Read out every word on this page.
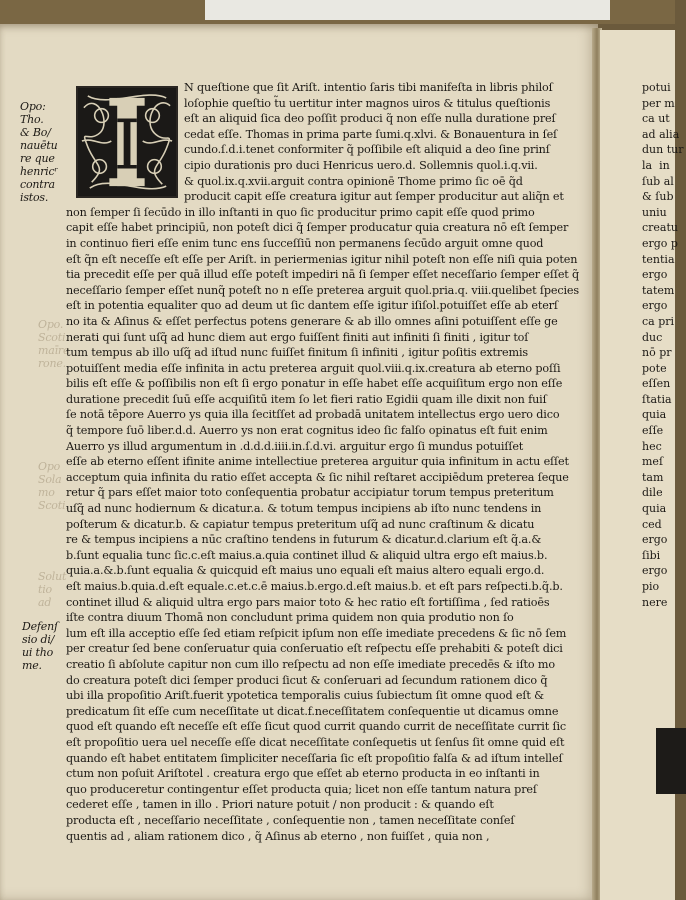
Opo:
Tho.
& Bo/
nauētu
re que
henricʳ
contra
istos.
Defenſ
sio di/
ui tho
me.
Opo.
Scoti.
maīre
rone.
Opo
Sola
mo
Scoti.
Solut
tio
ad
I
N queſtione que ſit Ariſt. intentio ſaris tibi manifeſta in libris philoſ
loſophie queſtio t̃u uertitur inter magnos uiros & titulus queſtionis
eſt an aliquid ſica deo poſſit produci q̃ non eſſe nulla duratione preſ
cedat eſſe. Thomas in prima parte ſumi.q.xlvi. & Bonauentura in ſeſ
cundo.ſ.d.i.tenet conformiter q̃ poſſibile eſt aliquid a deo ſine prinſ
cipio durationis pro duci Henricus uero.d. Sollemnis quol.i.q.vii.
& quol.ix.q.xvii.arguit contra opinionē Thome primo ſic oē q̃d
producit capit eſſe creatura igitur aut ſemper producitur aut aliq̃n et
non ſemper ſi ſecūdo in illo inſtanti in quo ſic producitur primo capit eſſe quod primo
capit eſſe habet principiū, non poteſt dici q̃ ſemper producatur quia creatura nō eſt ſemper
in continuo fieri eſſe enim tunc ens ſucceſſiū non permanens ſecūdo arguit omne quod
eſt q̃n eſt neceſſe eſt eſſe per Ariſt. in periermenias igitur nihil poteſt non eſſe niſi quia poten
tia precedit eſſe per quā illud eſſe poteſt impediri nā ſi ſemper eſſet neceſſario ſemper eſſet q̃
neceſſario ſemper eſſet nunq̃ poteſt no n eſſe preterea arguit quol.pria.q. viii.quelibet ſpecies
eſt in potentia equaliter quo ad deum ut ſic dantem eſſe igitur iſiſol.potuiſſet eſſe ab eterſ
no ita & Aſinus & eſſet perfectus potens generare & ab illo omnes aſini potuiſſent eſſe ge
nerati qui ſunt uſq̃ ad hunc diem aut ergo fuiſſent finiti aut infiniti ſi finiti , igitur toſ
tum tempus ab illo uſq̃ ad iſtud nunc fuiſſet finitum ſi infiniti , igitur poſitis extremis
potuiſſent media eſſe infinita in actu preterea arguit quol.viii.q.ix.creatura ab eterno poſſi
bilis eſt eſſe & poſſibilis non eſt ſi ergo ponatur in eſſe habet eſſe acquiſitum ergo non eſſe
duratione precedit ſuū eſſe acquiſitū item ſo let fieri ratio Egidii quam ille dixit non fuiſ
ſe notā tēpore Auerro ys quia illa ſecitſſet ad probadā unitatem intellectus ergo uero dico
q̃ tempore ſuō liber.d.d. Auerro ys non erat cognitus ideo ſic falſo opinatus eſt fuit enim
Auerro ys illud argumentum in .d.d.d.iiii.in.ſ.d.vi. arguitur ergo ſi mundus potuiſſet
eſſe ab eterno eſſent ifinite anime intellectiue preterea arguitur quia infinitum in actu eſſet
acceptum quia infinita du ratio eſſet accepta & ſic nihil reſtaret accipiēdum preterea ſeque
retur q̃ pars eſſet maior toto conſequentia probatur accipiatur torum tempus preteritum
uſq̃ ad nunc hodiernum & dicatur.a. & totum tempus incipiens ab iſto nunc tendens in
poſterum & dicatur.b. & capiatur tempus preteritum uſq̃ ad nunc craſtinum & dicatu
re & tempus incipiens a nūc craſtino tendens in futurum & dicatur.d.clarium eſt q̃.a.&
b.ſunt equalia tunc ſic.c.eſt maius.a.quia continet illud & aliquid ultra ergo eſt maius.b.
quia.a.&.b.ſunt equalia & quicquid eſt maius uno equali eſt maius altero equali ergo.d.
eſt maius.b.quia.d.eſt equale.c.et.c.ē maius.b.ergo.d.eſt maius.b. et eſt pars reſpecti.b.q̃.b.
continet illud & aliquid ultra ergo pars maior toto & hec ratio eſt fortiſſima , ſed ratioēs
iſte contra diuum Thomā non concludunt prima quidem non quia produtio non ſo
lum eſt illa acceptio eſſe ſed etiam reſpicit ipſum non eſſe imediate precedens & ſic nō ſem
per creatur ſed bene conſeruatur quia conſeruatio eſt reſpectu eſſe prehabiti & poteſt dici
creatio ſi abſolute capitur non cum illo reſpectu ad non eſſe imediate precedēs & iſto mo
do creatura poteſt dici ſemper produci ſicut & conſeruari ad ſecundum rationem dico q̃
ubi illa propoſitio Ariſt.fuerit ypotetica temporalis cuius ſubiectum ſit omne quod eſt &
predicatum ſit eſſe cum neceſſitate ut dicat.f.neceſſitatem conſequentie ut dicamus omne
quod eſt quando eſt neceſſe eſt eſſe ſicut quod currit quando currit de neceſſitate currit ſic
eſt propoſitio uera uel neceſſe eſſe dicat neceſſitate conſequetis ut ſenſus ſit omne quid eſt
quando eſt habet entitatem ſimpliciter neceſſaria ſic eſt propoſitio falſa & ad iſtum intelleſ
ctum non poſuit Ariſtotel . creatura ergo que eſſet ab eterno producta in eo inſtanti in
quo produceretur contingentur eſſet producta quia; licet non eſſe tantum natura preſ
cederet eſſe , tamen in illo . Priori nature potuit / non producit : & quando eſt
producta eſt , neceſſario neceſſitate , conſequentie non , tamen neceſſitate conſeſ
quentis ad , aliam rationem dico , q̃ Aſinus ab eterno , non fuiſſet , quia non ,
potui
per m
ca ut
ad alia
dun tur
la  in
ſub al
& ſub
uniu
creatu
ergo p
tentia
ergo
tatem
ergo
ca pri
duc
nō pr
pote
eſſen
ſtatia
quia
eſſe
hec
meſ
tam
dile
quia
ced
ergo
ſibi
ergo
pio
nere
